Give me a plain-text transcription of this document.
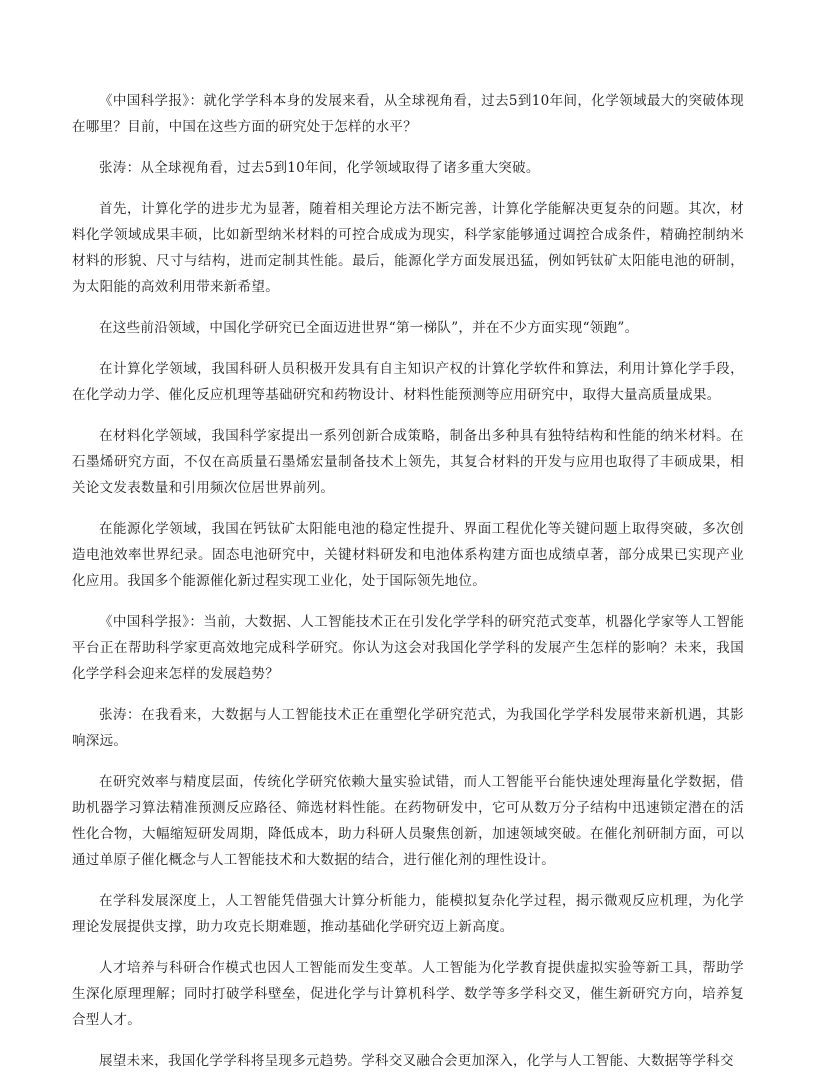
《中国科学报》：就化学学科本身的发展来看，从全球视角看，过去5到10年间，化学领域最大的突破体现在哪里？目前，中国在这些方面的研究处于怎样的水平？

张涛：从全球视角看，过去5到10年间，化学领域取得了诸多重大突破。

首先，计算化学的进步尤为显著，随着相关理论方法不断完善，计算化学能解决更复杂的问题。其次，材料化学领域成果丰硕，比如新型纳米材料的可控合成成为现实，科学家能够通过调控合成条件，精确控制纳米材料的形貌、尺寸与结构，进而定制其性能。最后，能源化学方面发展迅猛，例如钙钛矿太阳能电池的研制，为太阳能的高效利用带来新希望。

在这些前沿领域，中国化学研究已全面迈进世界“第一梯队”，并在不少方面实现“领跑”。

在计算化学领域，我国科研人员积极开发具有自主知识产权的计算化学软件和算法，利用计算化学手段，在化学动力学、催化反应机理等基础研究和药物设计、材料性能预测等应用研究中，取得大量高质量成果。

在材料化学领域，我国科学家提出一系列创新合成策略，制备出多种具有独特结构和性能的纳米材料。在石墨烯研究方面，不仅在高质量石墨烯宏量制备技术上领先，其复合材料的开发与应用也取得了丰硕成果，相关论文发表数量和引用频次位居世界前列。

在能源化学领域，我国在钙钛矿太阳能电池的稳定性提升、界面工程优化等关键问题上取得突破，多次创造电池效率世界纪录。固态电池研究中，关键材料研发和电池体系构建方面也成绩卓著，部分成果已实现产业化应用。我国多个能源催化新过程实现工业化，处于国际领先地位。

《中国科学报》：当前，大数据、人工智能技术正在引发化学学科的研究范式变革，机器化学家等人工智能平台正在帮助科学家更高效地完成科学研究。你认为这会对我国化学学科的发展产生怎样的影响？未来，我国化学学科会迎来怎样的发展趋势？

张涛：在我看来，大数据与人工智能技术正在重塑化学研究范式，为我国化学学科发展带来新机遇，其影响深远。

在研究效率与精度层面，传统化学研究依赖大量实验试错，而人工智能平台能快速处理海量化学数据，借助机器学习算法精准预测反应路径、筛选材料性能。在药物研发中，它可从数万分子结构中迅速锁定潜在的活性化合物，大幅缩短研发周期，降低成本，助力科研人员聚焦创新，加速领域突破。在催化剂研制方面，可以通过单原子催化概念与人工智能技术和大数据的结合，进行催化剂的理性设计。

在学科发展深度上，人工智能凭借强大计算分析能力，能模拟复杂化学过程，揭示微观反应机理，为化学理论发展提供支撑，助力攻克长期难题，推动基础化学研究迈上新高度。

人才培养与科研合作模式也因人工智能而发生变革。人工智能为化学教育提供虚拟实验等新工具，帮助学生深化原理理解；同时打破学科壁垒，促进化学与计算机科学、数学等多学科交叉，催生新研究方向，培养复合型人才。

展望未来，我国化学学科将呈现多元趋势。学科交叉融合会更加深入，化学与人工智能、大数据等学科交
